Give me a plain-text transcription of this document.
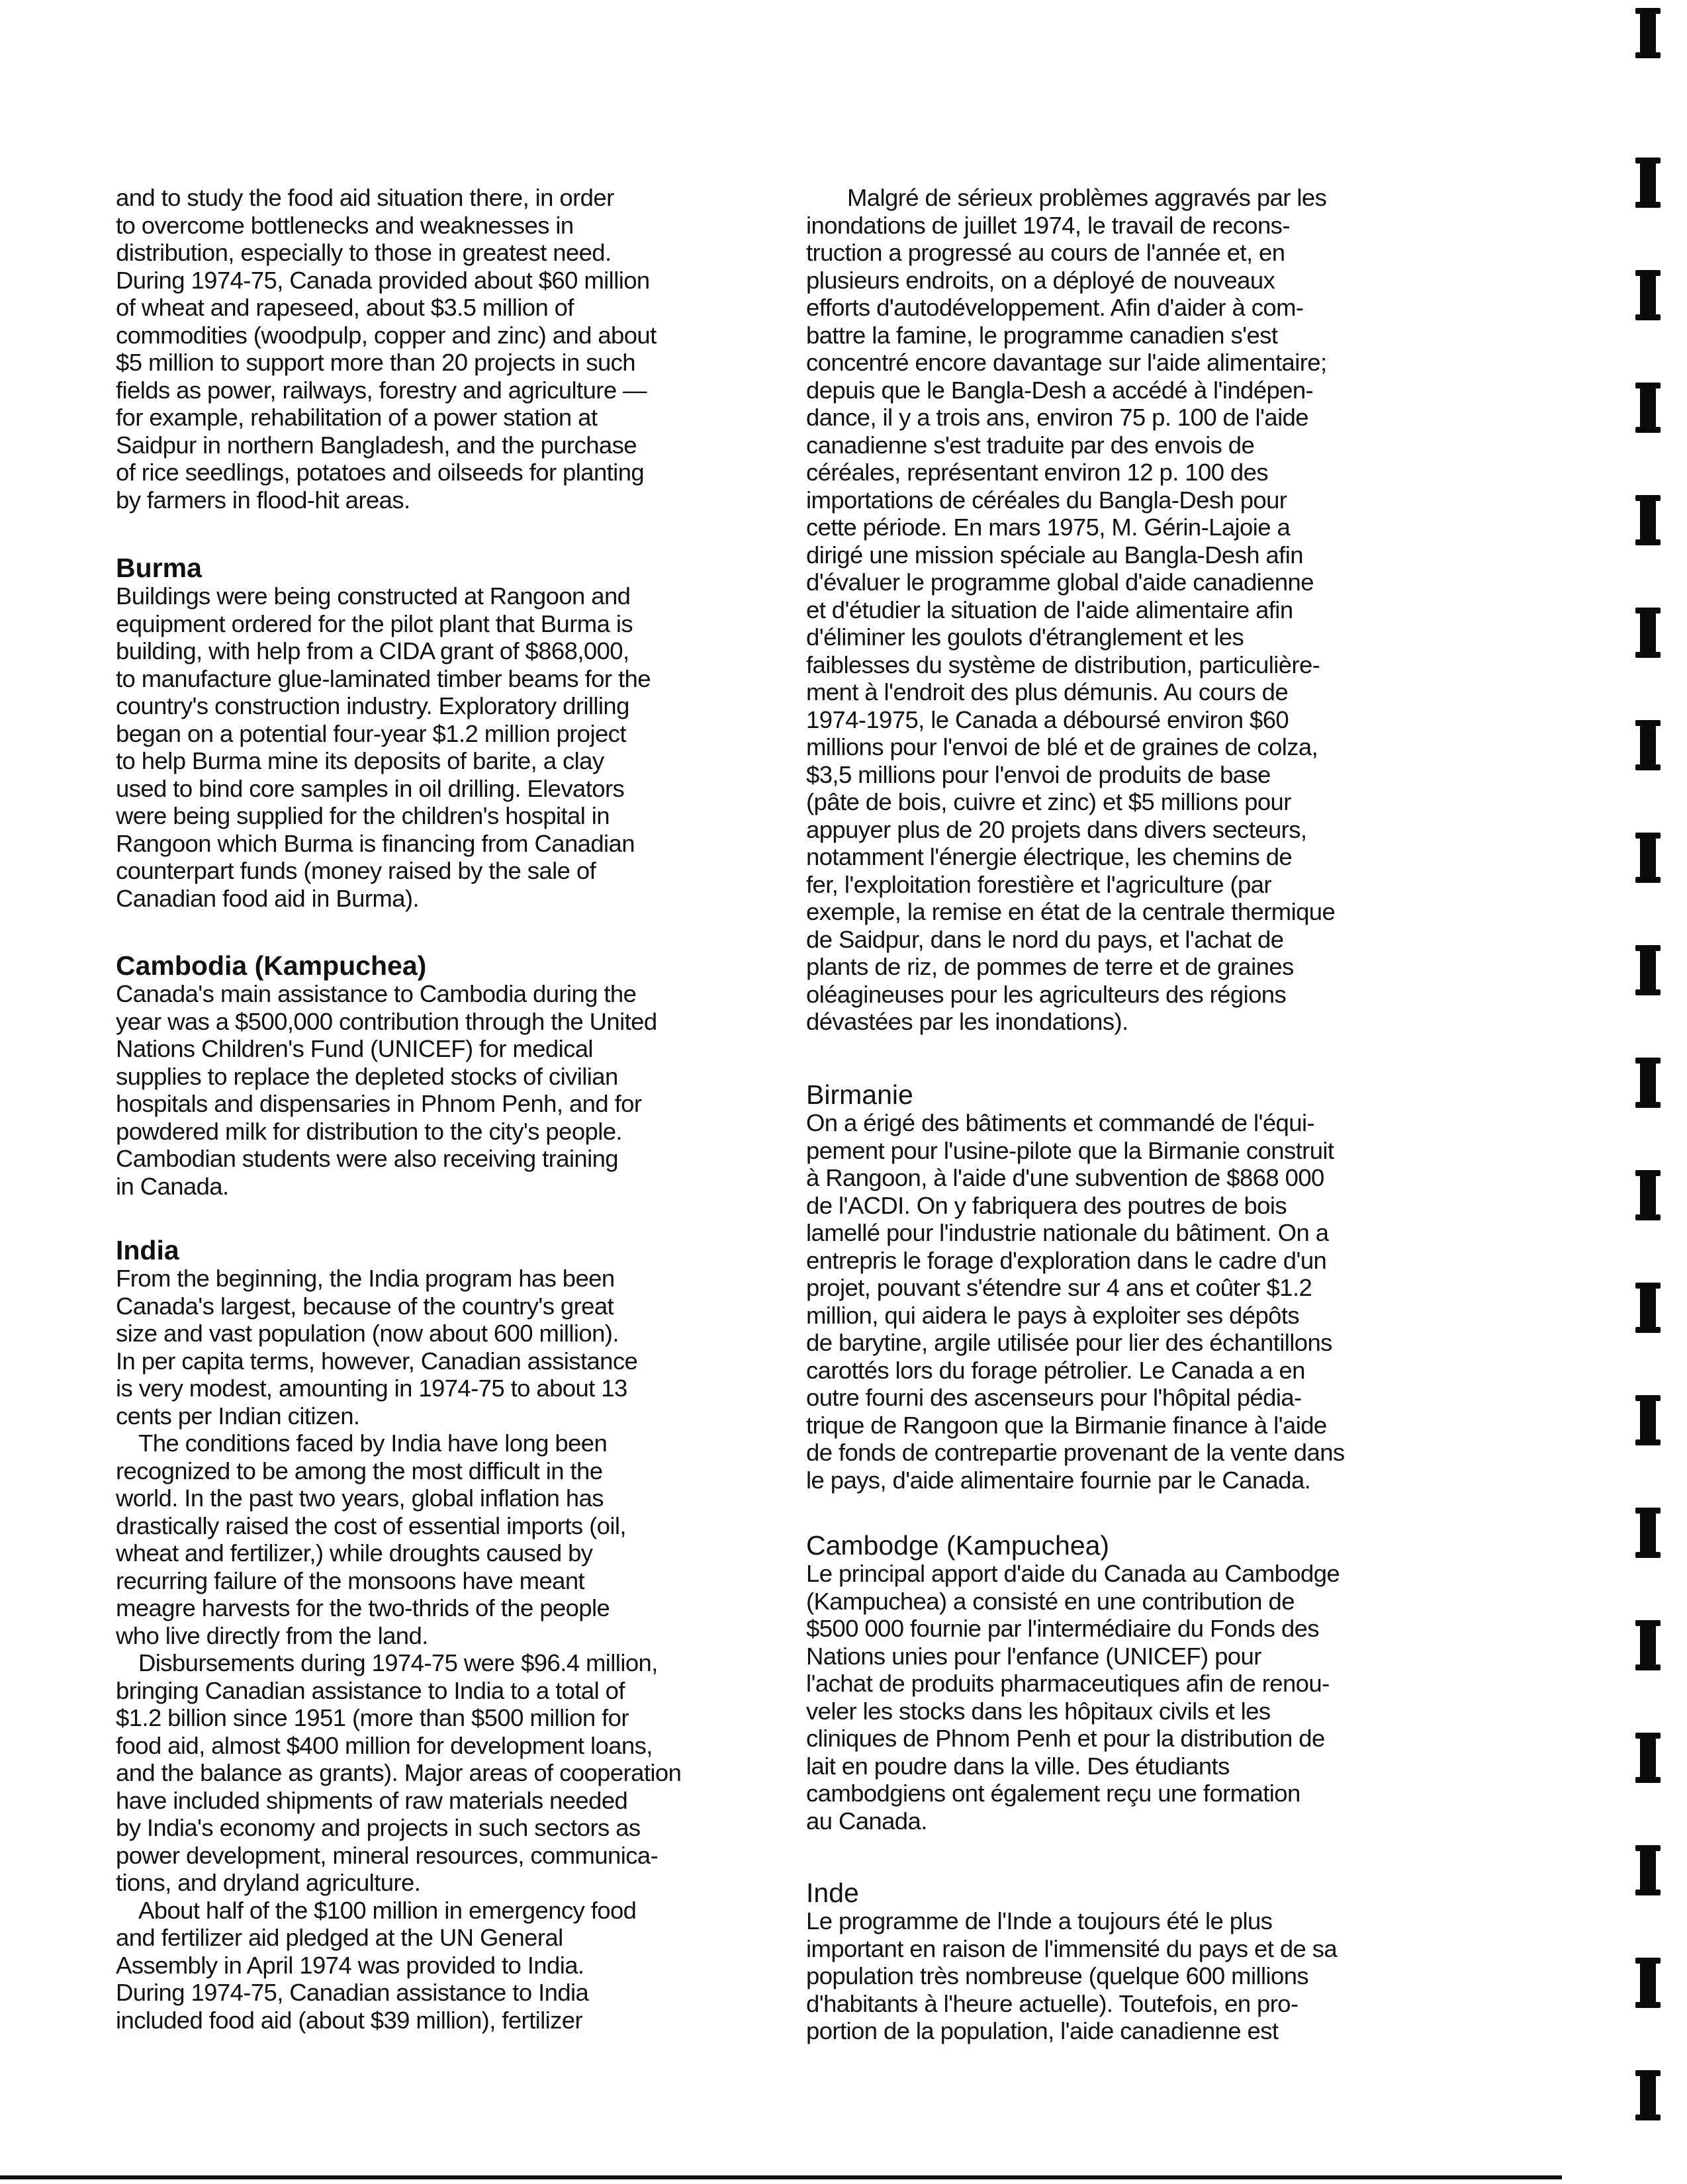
and to study the food aid situation there, in order
to overcome bottlenecks and weaknesses in
distribution, especially to those in greatest need.
During 1974-75, Canada provided about $60 million
of wheat and rapeseed, about $3.5 million of
commodities (woodpulp, copper and zinc) and about
$5 million to support more than 20 projects in such
fields as power, railways, forestry and agriculture —
for example, rehabilitation of a power station at
Saidpur in northern Bangladesh, and the purchase
of rice seedlings, potatoes and oilseeds for planting
by farmers in flood-hit areas.

Burma

Buildings were being constructed at Rangoon and
equipment ordered for the pilot plant that Burma is
building, with help from a CIDA grant of $868,000,
to manufacture glue-laminated timber beams for the
country's construction industry. Exploratory drilling
began on a potential four-year $1.2 million project
to help Burma mine its deposits of barite, a clay
used to bind core samples in oil drilling. Elevators
were being supplied for the children's hospital in
Rangoon which Burma is financing from Canadian
counterpart funds (money raised by the sale of
Canadian food aid in Burma).

Cambodia (Kampuchea)

Canada's main assistance to Cambodia during the
year was a $500,000 contribution through the United
Nations Children's Fund (UNICEF) for medical
supplies to replace the depleted stocks of civilian
hospitals and dispensaries in Phnom Penh, and for
powdered milk for distribution to the city's people.
Cambodian students were also receiving training
in Canada.

India

From the beginning, the India program has been
Canada's largest, because of the country's great
size and vast population (now about 600 million).
In per capita terms, however, Canadian assistance
is very modest, amounting in 1974-75 to about 13
cents per Indian citizen.

The conditions faced by India have long been
recognized to be among the most difficult in the
world. In the past two years, global inflation has
drastically raised the cost of essential imports (oil,
wheat and fertilizer,) while droughts caused by
recurring failure of the monsoons have meant
meagre harvests for the two-thrids of the people
who live directly from the land.

Disbursements during 1974-75 were $96.4 million,
bringing Canadian assistance to India to a total of
$1.2 billion since 1951 (more than $500 million for
food aid, almost $400 million for development loans,
and the balance as grants). Major areas of cooperation
have included shipments of raw materials needed
by India's economy and projects in such sectors as
power development, mineral resources, communica-
tions, and dryland agriculture.

About half of the $100 million in emergency food
and fertilizer aid pledged at the UN General
Assembly in April 1974 was provided to India.
During 1974-75, Canadian assistance to India
included food aid (about $39 million), fertilizer

Malgré de sérieux problèmes aggravés par les
inondations de juillet 1974, le travail de recons-
truction a progressé au cours de l'année et, en
plusieurs endroits, on a déployé de nouveaux
efforts d'autodéveloppement. Afin d'aider à com-
battre la famine, le programme canadien s'est
concentré encore davantage sur l'aide alimentaire;
depuis que le Bangla-Desh a accédé à l'indépen-
dance, il y a trois ans, environ 75 p. 100 de l'aide
canadienne s'est traduite par des envois de
céréales, représentant environ 12 p. 100 des
importations de céréales du Bangla-Desh pour
cette période. En mars 1975, M. Gérin-Lajoie a
dirigé une mission spéciale au Bangla-Desh afin
d'évaluer le programme global d'aide canadienne
et d'étudier la situation de l'aide alimentaire afin
d'éliminer les goulots d'étranglement et les
faiblesses du système de distribution, particulière-
ment à l'endroit des plus démunis. Au cours de
1974-1975, le Canada a déboursé environ $60
millions pour l'envoi de blé et de graines de colza,
$3,5 millions pour l'envoi de produits de base
(pâte de bois, cuivre et zinc) et $5 millions pour
appuyer plus de 20 projets dans divers secteurs,
notamment l'énergie électrique, les chemins de
fer, l'exploitation forestière et l'agriculture (par
exemple, la remise en état de la centrale thermique
de Saidpur, dans le nord du pays, et l'achat de
plants de riz, de pommes de terre et de graines
oléagineuses pour les agriculteurs des régions
dévastées par les inondations).

Birmanie

On a érigé des bâtiments et commandé de l'équi-
pement pour l'usine-pilote que la Birmanie construit
à Rangoon, à l'aide d'une subvention de $868 000
de l'ACDI. On y fabriquera des poutres de bois
lamellé pour l'industrie nationale du bâtiment. On a
entrepris le forage d'exploration dans le cadre d'un
projet, pouvant s'étendre sur 4 ans et coûter $1.2
million, qui aidera le pays à exploiter ses dépôts
de barytine, argile utilisée pour lier des échantillons
carottés lors du forage pétrolier. Le Canada a en
outre fourni des ascenseurs pour l'hôpital pédia-
trique de Rangoon que la Birmanie finance à l'aide
de fonds de contrepartie provenant de la vente dans
le pays, d'aide alimentaire fournie par le Canada.

Cambodge (Kampuchea)

Le principal apport d'aide du Canada au Cambodge
(Kampuchea) a consisté en une contribution de
$500 000 fournie par l'intermédiaire du Fonds des
Nations unies pour l'enfance (UNICEF) pour
l'achat de produits pharmaceutiques afin de renou-
veler les stocks dans les hôpitaux civils et les
cliniques de Phnom Penh et pour la distribution de
lait en poudre dans la ville. Des étudiants
cambodgiens ont également reçu une formation
au Canada.

Inde

Le programme de l'Inde a toujours été le plus
important en raison de l'immensité du pays et de sa
population très nombreuse (quelque 600 millions
d'habitants à l'heure actuelle). Toutefois, en pro-
portion de la population, l'aide canadienne est
